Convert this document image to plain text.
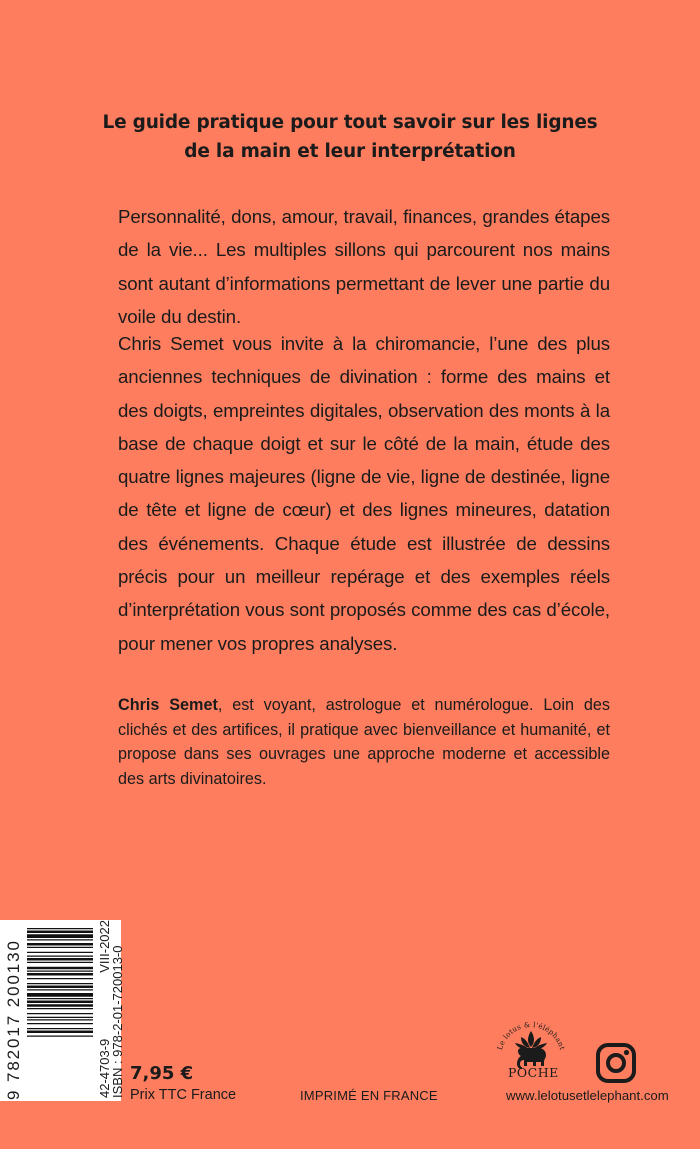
Le guide pratique pour tout savoir sur les lignes
de la main et leur interprétation
Personnalité, dons, amour, travail, finances, grandes étapes de la vie... Les multiples sillons qui parcourent nos mains sont autant d’informations permettant de lever une partie du voile du destin.
Chris Semet vous invite à la chiromancie, l’une des plus anciennes techniques de divination : forme des mains et des doigts, empreintes digitales, observation des monts à la base de chaque doigt et sur le côté de la main, étude des quatre lignes majeures (ligne de vie, ligne de destinée, ligne de tête et ligne de cœur) et des lignes mineures, datation des événements. Chaque étude est illustrée de dessins précis pour un meilleur repérage et des exemples réels d’interprétation vous sont proposés comme des cas d’école, pour mener vos propres analyses.
Chris Semet, est voyant, astrologue et numérologue. Loin des clichés et des artifices, il pratique avec bienveillance et humanité, et propose dans ses ouvrages une approche moderne et accessible des arts divinatoires.
9 782017 200130	42-4703-9
VIII-2022
ISBN : 978-2-01-720013-0 7,95 €
Prix TTC France	IMPRIMÉ EN FRANCE
Le lotus & l'éléphant
POCHE
www.lelotusetlelephant.com
